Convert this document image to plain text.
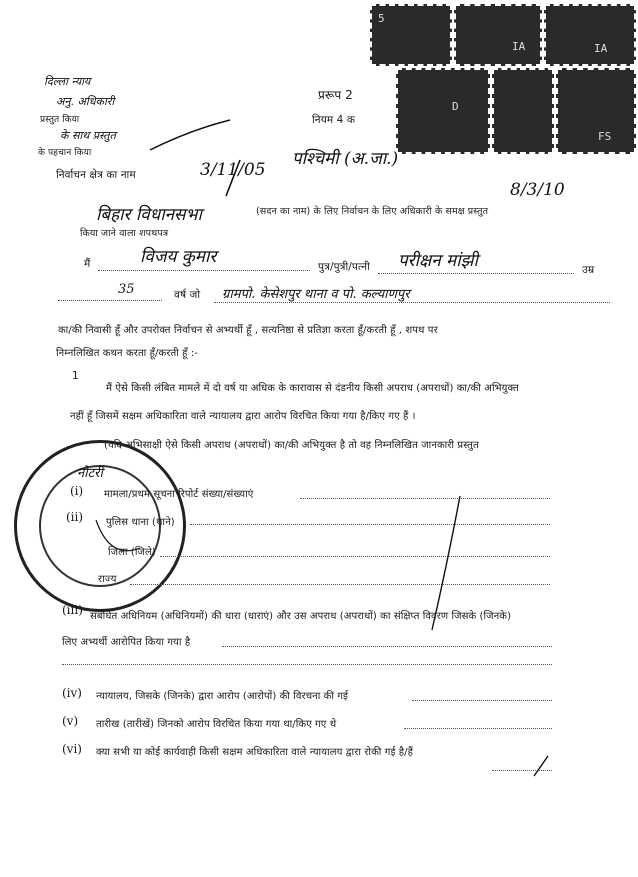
5
IA	IA
D
FS
प्ररूप 2
नियम 4 क
दिल्ला न्याय
अनु. अधिकारी
के साथ प्रस्तुत
प्रस्तुत किया
के पहचान किया
निर्वाचन क्षेत्र का नाम	3/11/05
पश्चिमी (अ.जा.)
8/3/10
बिहार विधानसभा	(सदन का नाम) के लिए निर्वाचन के लिए अधिकारी के समक्ष प्रस्तुत
किया जाने वाला शपथपत्र
मैं	विजय कुमार	पुत्र/पुत्री/पत्नी परीक्षन मांझी	उम्र
35	वर्ष जो ग्रामपो. केसेशपुर थाना व पो. कल्याणपुर
का/की निवासी हूँ और उपरोक्त निर्वाचन से अभ्यर्थी हूँ , सत्यनिष्ठा से प्रतिज्ञा करता हूँ/करती हूँ , शपथ पर
निम्नलिखित कथन करता हूँ/करती हूँ :-
1
मैं ऐसे किसी लंबित मामले में दो वर्ष या अधिक के कारावास से दंडनीय किसी अपराध (अपराधों) का/की अभियुक्त
नहीं हूँ जिसमें सक्षम अधिकारिता वाले न्यायालय द्वारा आरोप विरचित किया गया है/किए गए हैं ।
(यदि अभिसाक्षी ऐसे किसी अपराध (अपराधों) का/की अभियुक्त है तो वह निम्नलिखित जानकारी प्रस्तुत
नोटरी
(i) मामला/प्रथम सूचना रिपोर्ट संख्या/संख्याएं
(ii) पुलिस थाना (थाने)
जिला (जिले)
राज्य
(iii) संबंधित अधिनियम (अधिनियमों) की धारा (धाराएं) और उस अपराध (अपराधों) का संक्षिप्त विवरण जिसके (जिनके)
लिए अभ्यर्थी आरोपित किया गया है
(iv) न्यायालय, जिसके (जिनके) द्वारा आरोप (आरोपों) की विरचना की गई
(v) तारीख (तारीखें) जिनको आरोप विरचित किया गया था/किए गए थे
(vi) क्या सभी या कोई कार्यवाही किसी सक्षम अधिकारिता वाले न्यायालय द्वारा रोकी गई है/हैं
